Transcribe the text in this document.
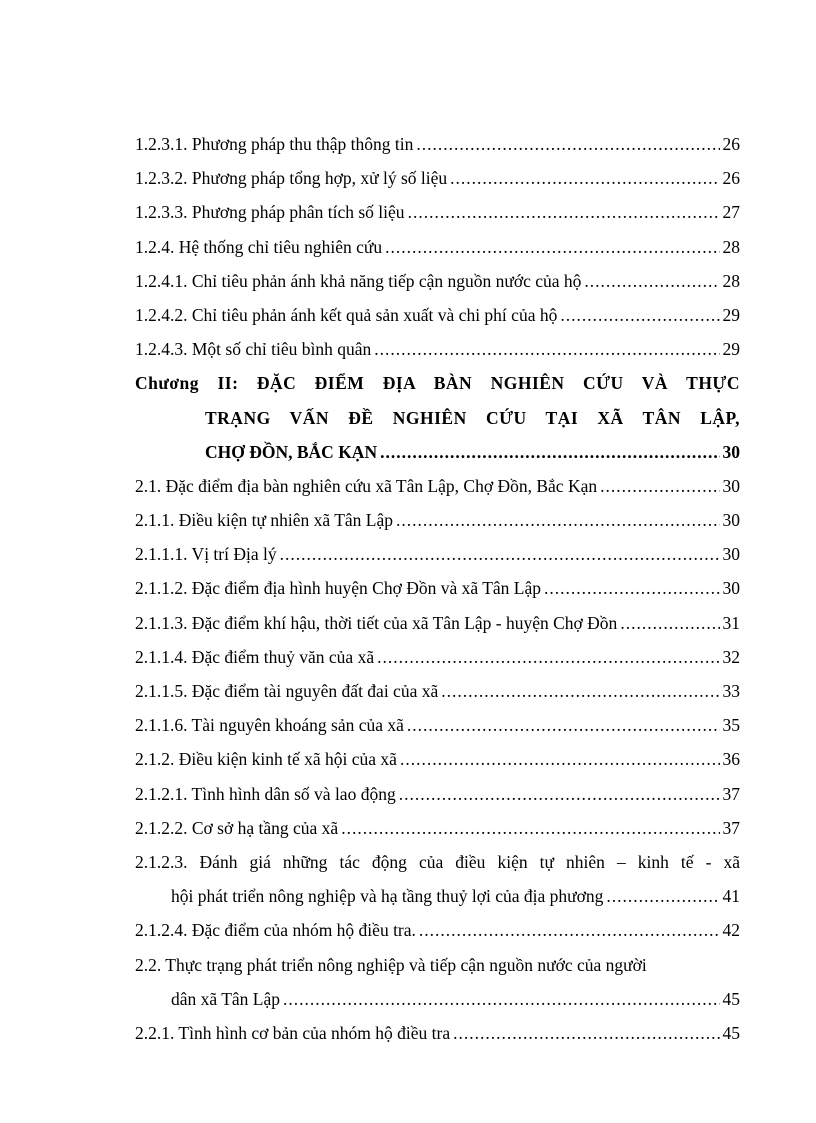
1.2.3.1. Phương pháp thu thập thông tin .....	26
1.2.3.2. Phương pháp tổng hợp, xử lý số liệu .....	26
1.2.3.3. Phương pháp phân tích số liệu .....	27
1.2.4. Hệ thống chỉ tiêu nghiên cứu .....	28
1.2.4.1. Chỉ tiêu phản ánh khả năng tiếp cận nguồn nước của hộ .....	28
1.2.4.2. Chỉ tiêu phản ánh kết quả sản xuất và chi phí của hộ .....	29
1.2.4.3. Một số chỉ tiêu bình quân .....	29
Chương II: ĐẶC ĐIỂM ĐỊA BÀN NGHIÊN CỨU VÀ THỰC
TRẠNG VẤN ĐỀ NGHIÊN CỨU TẠI XÃ TÂN LẬP,
CHỢ ĐỒN, BẮC KẠN .....	30
2.1. Đặc điểm địa bàn nghiên cứu xã Tân Lập, Chợ Đồn, Bắc Kạn .....	30
2.1.1. Điều kiện tự nhiên xã Tân Lập .....	30
2.1.1.1. Vị trí Địa lý .....	30
2.1.1.2. Đặc điểm địa hình huyện Chợ Đồn và xã Tân Lập .....	30
2.1.1.3. Đặc điểm khí hậu, thời tiết của xã Tân Lập - huyện Chợ Đồn .....	31
2.1.1.4. Đặc điểm thuỷ văn của xã .....	32
2.1.1.5. Đặc điểm tài nguyên đất đai của xã .....	33
2.1.1.6. Tài nguyên khoáng sản của xã .....	35
2.1.2. Điều kiện kinh tế xã hội của xã .....	36
2.1.2.1. Tình hình dân số và lao động .....	37
2.1.2.2. Cơ sở hạ tầng của xã .....	37
2.1.2.3. Đánh giá những tác động của điều kiện tự nhiên – kinh tế - xã
hội phát triển nông nghiệp và hạ tầng thuỷ lợi của địa phương .....	41
2.1.2.4. Đặc điểm của nhóm hộ điều tra. .....	42
2.2. Thực trạng phát triển nông nghiệp và tiếp cận nguồn nước của người
dân xã Tân Lập .....	45
2.2.1. Tình hình cơ bản của nhóm hộ điều tra .....	45
